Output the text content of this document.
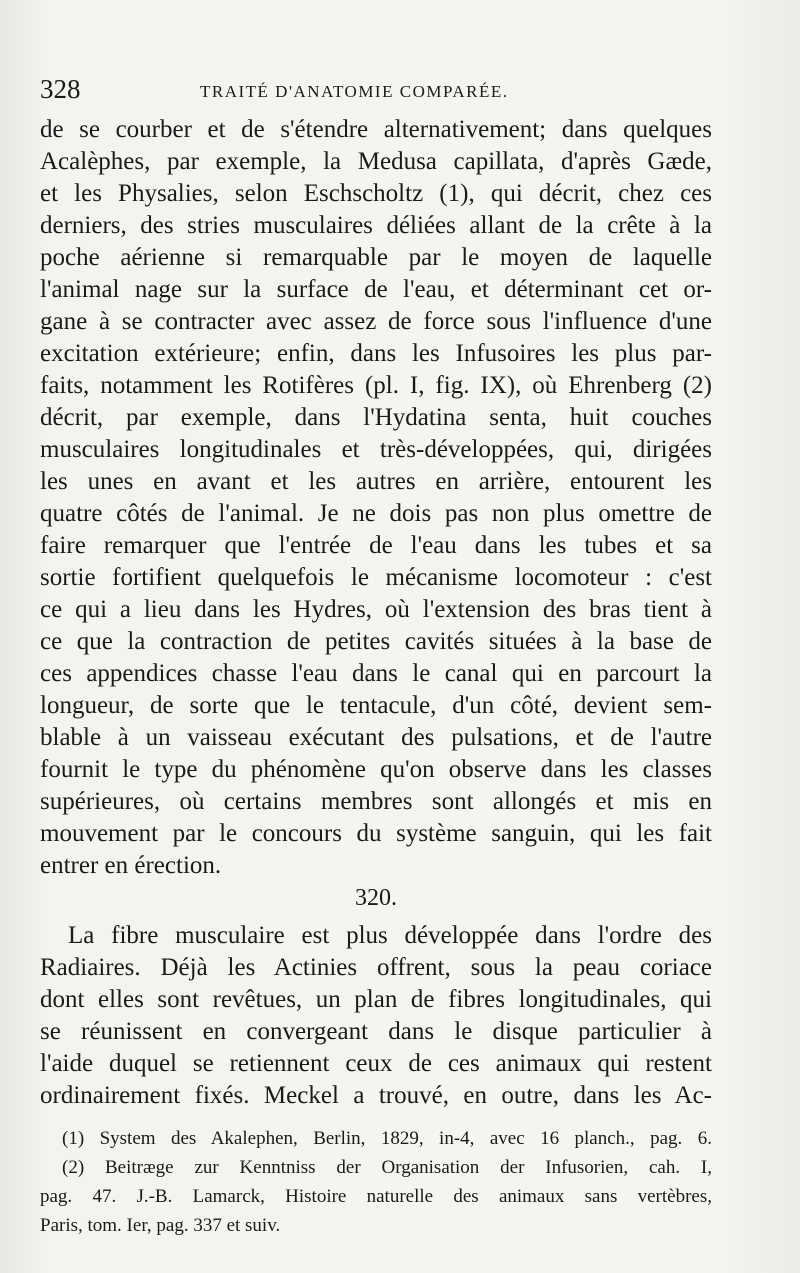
328	TRAITÉ D'ANATOMIE COMPARÉE.
de se courber et de s'étendre alternativement; dans quelques
Acalèphes, par exemple, la Medusa capillata, d'après Gæde,
et les Physalies, selon Eschscholtz (1), qui décrit, chez ces
derniers, des stries musculaires déliées allant de la crête à la
poche aérienne si remarquable par le moyen de laquelle
l'animal nage sur la surface de l'eau, et déterminant cet or-
gane à se contracter avec assez de force sous l'influence d'une
excitation extérieure; enfin, dans les Infusoires les plus par-
faits, notamment les Rotifères (pl. I, fig. IX), où Ehrenberg (2)
décrit, par exemple, dans l'Hydatina senta, huit couches
musculaires longitudinales et très-développées, qui, dirigées
les unes en avant et les autres en arrière, entourent les
quatre côtés de l'animal. Je ne dois pas non plus omettre de
faire remarquer que l'entrée de l'eau dans les tubes et sa
sortie fortifient quelquefois le mécanisme locomoteur : c'est
ce qui a lieu dans les Hydres, où l'extension des bras tient à
ce que la contraction de petites cavités situées à la base de
ces appendices chasse l'eau dans le canal qui en parcourt la
longueur, de sorte que le tentacule, d'un côté, devient sem-
blable à un vaisseau exécutant des pulsations, et de l'autre
fournit le type du phénomène qu'on observe dans les classes
supérieures, où certains membres sont allongés et mis en
mouvement par le concours du système sanguin, qui les fait
entrer en érection.
320.
La fibre musculaire est plus développée dans l'ordre des
Radiaires. Déjà les Actinies offrent, sous la peau coriace
dont elles sont revêtues, un plan de fibres longitudinales, qui
se réunissent en convergeant dans le disque particulier à
l'aide duquel se retiennent ceux de ces animaux qui restent
ordinairement fixés. Meckel a trouvé, en outre, dans les Ac-
(1) System des Akalephen, Berlin, 1829, in-4, avec 16 planch., pag. 6.
(2) Beitræge zur Kenntniss der Organisation der Infusorien, cah. I,
pag. 47. J.-B. Lamarck, Histoire naturelle des animaux sans vertèbres,
Paris, tom. Ier, pag. 337 et suiv.
